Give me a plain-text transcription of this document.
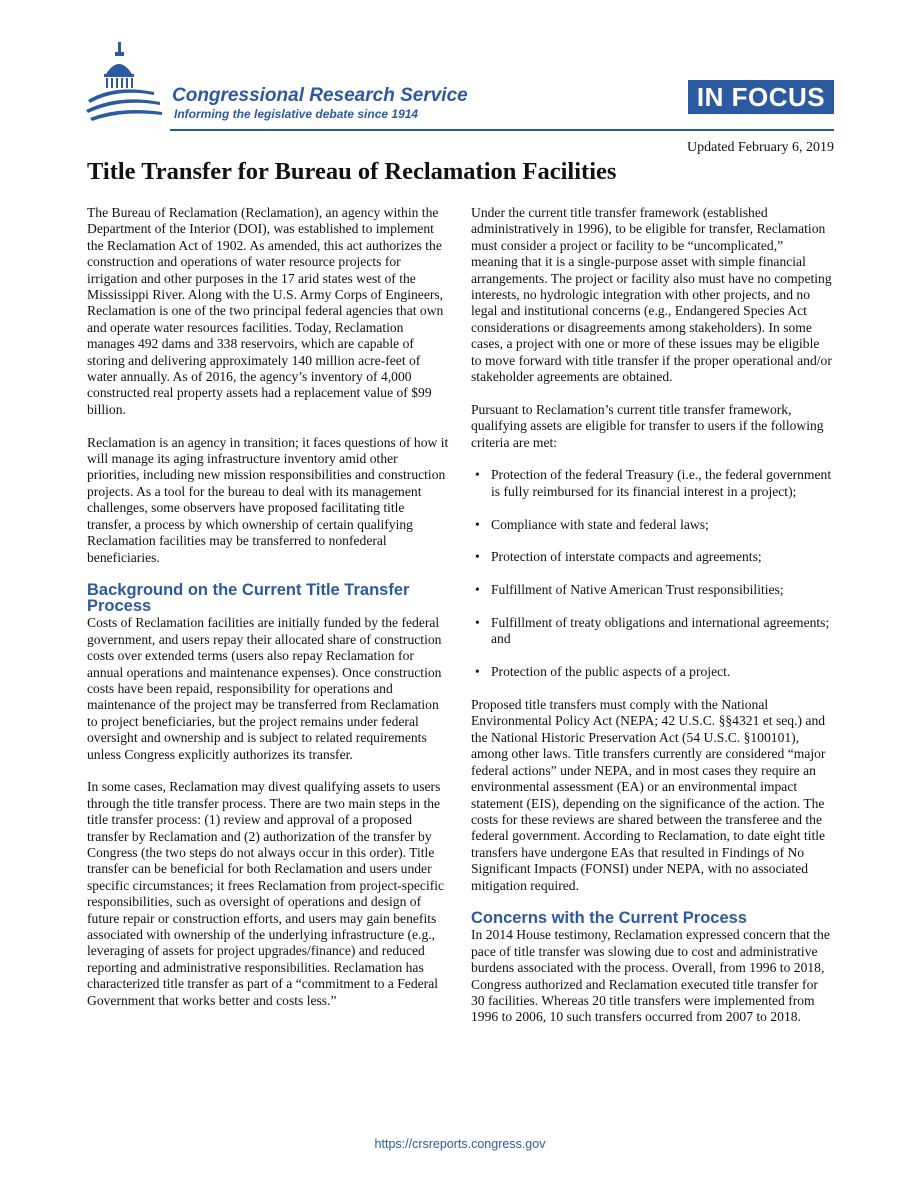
Congressional Research Service
Informing the legislative debate since 1914
IN FOCUS
Updated February 6, 2019
Title Transfer for Bureau of Reclamation Facilities

The Bureau of Reclamation (Reclamation), an agency within the Department of the Interior (DOI), was established to implement the Reclamation Act of 1902. As amended, this act authorizes the construction and operations of water resource projects for irrigation and other purposes in the 17 arid states west of the Mississippi River. Along with the U.S. Army Corps of Engineers, Reclamation is one of the two principal federal agencies that own and operate water resources facilities. Today, Reclamation manages 492 dams and 338 reservoirs, which are capable of storing and delivering approximately 140 million acre-feet of water annually. As of 2016, the agency’s inventory of 4,000 constructed real property assets had a replacement value of $99 billion.

Reclamation is an agency in transition; it faces questions of how it will manage its aging infrastructure inventory amid other priorities, including new mission responsibilities and construction projects. As a tool for the bureau to deal with its management challenges, some observers have proposed facilitating title transfer, a process by which ownership of certain qualifying Reclamation facilities may be transferred to nonfederal beneficiaries.

Background on the Current Title Transfer Process

Costs of Reclamation facilities are initially funded by the federal government, and users repay their allocated share of construction costs over extended terms (users also repay Reclamation for annual operations and maintenance expenses). Once construction costs have been repaid, responsibility for operations and maintenance of the project may be transferred from Reclamation to project beneficiaries, but the project remains under federal oversight and ownership and is subject to related requirements unless Congress explicitly authorizes its transfer.

In some cases, Reclamation may divest qualifying assets to users through the title transfer process. There are two main steps in the title transfer process: (1) review and approval of a proposed transfer by Reclamation and (2) authorization of the transfer by Congress (the two steps do not always occur in this order). Title transfer can be beneficial for both Reclamation and users under specific circumstances; it frees Reclamation from project-specific responsibilities, such as oversight of operations and design of future repair or construction efforts, and users may gain benefits associated with ownership of the underlying infrastructure (e.g., leveraging of assets for project upgrades/finance) and reduced reporting and administrative responsibilities. Reclamation has characterized title transfer as part of a “commitment to a Federal Government that works better and costs less.”

Under the current title transfer framework (established administratively in 1996), to be eligible for transfer, Reclamation must consider a project or facility to be “uncomplicated,” meaning that it is a single-purpose asset with simple financial arrangements. The project or facility also must have no competing interests, no hydrologic integration with other projects, and no legal and institutional concerns (e.g., Endangered Species Act considerations or disagreements among stakeholders). In some cases, a project with one or more of these issues may be eligible to move forward with title transfer if the proper operational and/or stakeholder agreements are obtained.

Pursuant to Reclamation’s current title transfer framework, qualifying assets are eligible for transfer to users if the following criteria are met:

• Protection of the federal Treasury (i.e., the federal government is fully reimbursed for its financial interest in a project);
• Compliance with state and federal laws;
• Protection of interstate compacts and agreements;
• Fulfillment of Native American Trust responsibilities;
• Fulfillment of treaty obligations and international agreements; and
• Protection of the public aspects of a project.

Proposed title transfers must comply with the National Environmental Policy Act (NEPA; 42 U.S.C. §§4321 et seq.) and the National Historic Preservation Act (54 U.S.C. §100101), among other laws. Title transfers currently are considered “major federal actions” under NEPA, and in most cases they require an environmental assessment (EA) or an environmental impact statement (EIS), depending on the significance of the action. The costs for these reviews are shared between the transferee and the federal government. According to Reclamation, to date eight title transfers have undergone EAs that resulted in Findings of No Significant Impacts (FONSI) under NEPA, with no associated mitigation required.

Concerns with the Current Process

In 2014 House testimony, Reclamation expressed concern that the pace of title transfer was slowing due to cost and administrative burdens associated with the process. Overall, from 1996 to 2018, Congress authorized and Reclamation executed title transfer for 30 facilities. Whereas 20 title transfers were implemented from 1996 to 2006, 10 such transfers occurred from 2007 to 2018.

https://crsreports.congress.gov
